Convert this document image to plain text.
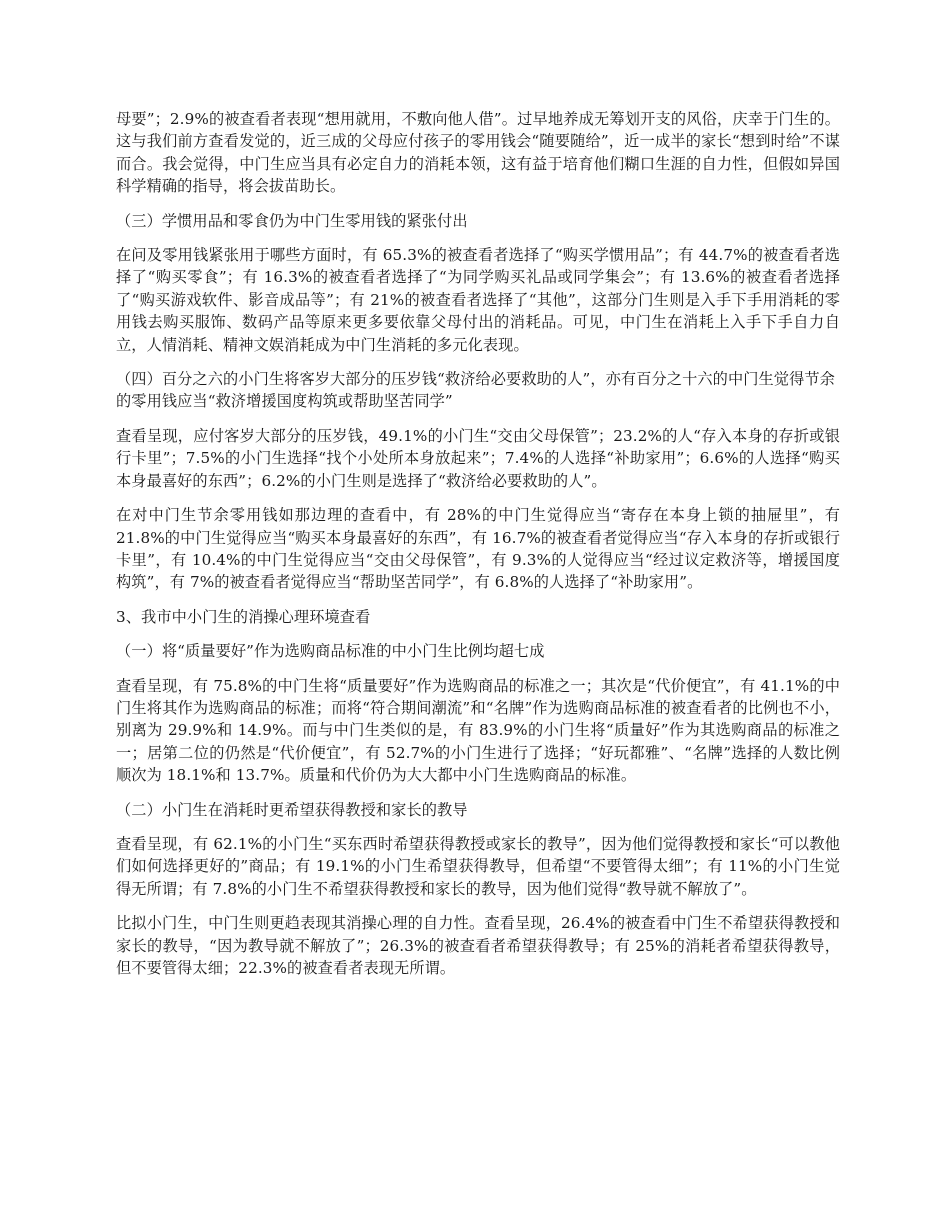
母要”；2.9%的被查看者表现“想用就用，不敷向他人借”。过早地养成无筹划开支的风俗，庆幸于门生的。这与我们前方查看发觉的，近三成的父母应付孩子的零用钱会“随要随给”，近一成半的家长“想到时给”不谋而合。我会觉得，中门生应当具有必定自力的消耗本领，这有益于培育他们糊口生涯的自力性，但假如异国科学精确的指导，将会拔苗助长。

（三）学惯用品和零食仍为中门生零用钱的紧张付出

在问及零用钱紧张用于哪些方面时，有 65.3%的被查看者选择了“购买学惯用品”；有 44.7%的被查看者选择了“购买零食”；有 16.3%的被查看者选择了“为同学购买礼品或同学集会”；有 13.6%的被查看者选择了“购买游戏软件、影音成品等”；有 21%的被查看者选择了“其他”，这部分门生则是入手下手用消耗的零用钱去购买服饰、数码产品等原来更多要依靠父母付出的消耗品。可见，中门生在消耗上入手下手自力自立，人情消耗、精神文娱消耗成为中门生消耗的多元化表现。

（四）百分之六的小门生将客岁大部分的压岁钱“救济给必要救助的人”，亦有百分之十六的中门生觉得节余的零用钱应当“救济增援国度构筑或帮助坚苦同学”

查看呈现，应付客岁大部分的压岁钱，49.1%的小门生“交由父母保管”；23.2%的人“存入本身的存折或银行卡里”；7.5%的小门生选择“找个小处所本身放起来”；7.4%的人选择“补助家用”；6.6%的人选择“购买本身最喜好的东西”；6.2%的小门生则是选择了“救济给必要救助的人”。

在对中门生节余零用钱如那边理的查看中，有 28%的中门生觉得应当“寄存在本身上锁的抽屉里”，有 21.8%的中门生觉得应当“购买本身最喜好的东西”，有 16.7%的被查看者觉得应当“存入本身的存折或银行卡里”，有 10.4%的中门生觉得应当“交由父母保管”，有 9.3%的人觉得应当“经过议定救济等，增援国度构筑”，有 7%的被查看者觉得应当“帮助坚苦同学”，有 6.8%的人选择了“补助家用”。

3、我市中小门生的消操心理环境查看

（一）将“质量要好”作为选购商品标准的中小门生比例均超七成

查看呈现，有 75.8%的中门生将“质量要好”作为选购商品的标准之一；其次是“代价便宜”，有 41.1%的中门生将其作为选购商品的标准；而将“符合期间潮流”和“名牌”作为选购商品标准的被查看者的比例也不小，别离为 29.9%和 14.9%。而与中门生类似的是，有 83.9%的小门生将“质量好”作为其选购商品的标准之一；居第二位的仍然是“代价便宜”，有 52.7%的小门生进行了选择；“好玩都雅”、“名牌”选择的人数比例顺次为 18.1%和 13.7%。质量和代价仍为大大都中小门生选购商品的标准。

（二）小门生在消耗时更希望获得教授和家长的教导

查看呈现，有 62.1%的小门生“买东西时希望获得教授或家长的教导”，因为他们觉得教授和家长“可以教他们如何选择更好的”商品；有 19.1%的小门生希望获得教导，但希望“不要管得太细”；有 11%的小门生觉得无所谓；有 7.8%的小门生不希望获得教授和家长的教导，因为他们觉得“教导就不解放了”。

比拟小门生，中门生则更趋表现其消操心理的自力性。查看呈现，26.4%的被查看中门生不希望获得教授和家长的教导，“因为教导就不解放了”；26.3%的被查看者希望获得教导；有 25%的消耗者希望获得教导，但不要管得太细；22.3%的被查看者表现无所谓。
